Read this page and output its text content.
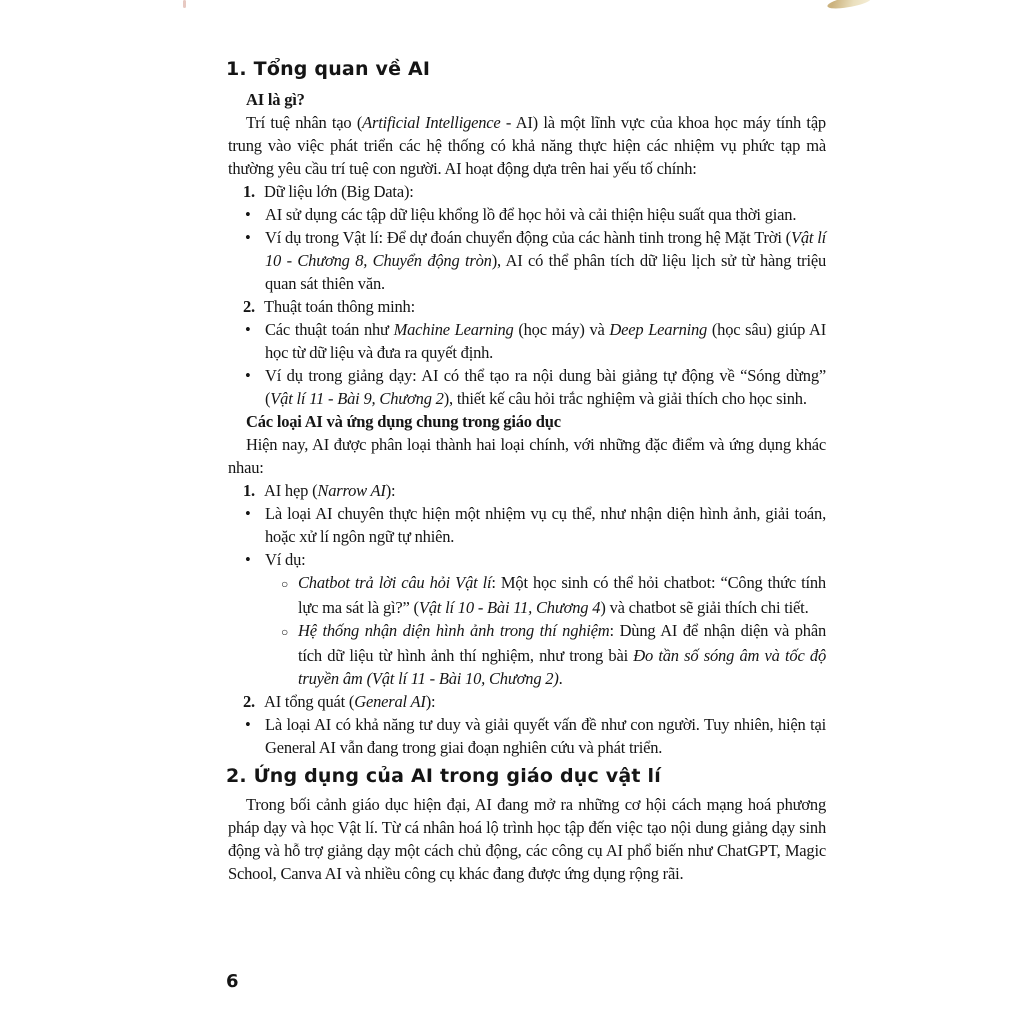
1. Tổng quan về AI

AI là gì?

Trí tuệ nhân tạo (Artificial Intelligence - AI) là một lĩnh vực của khoa học máy tính tập trung vào việc phát triển các hệ thống có khả năng thực hiện các nhiệm vụ phức tạp mà thường yêu cầu trí tuệ con người. AI hoạt động dựa trên hai yếu tố chính:

1. Dữ liệu lớn (Big Data):

• AI sử dụng các tập dữ liệu khổng lồ để học hỏi và cải thiện hiệu suất qua thời gian.

• Ví dụ trong Vật lí: Để dự đoán chuyển động của các hành tinh trong hệ Mặt Trời (Vật lí 10 - Chương 8, Chuyển động tròn), AI có thể phân tích dữ liệu lịch sử từ hàng triệu quan sát thiên văn.

2. Thuật toán thông minh:

• Các thuật toán như Machine Learning (học máy) và Deep Learning (học sâu) giúp AI học từ dữ liệu và đưa ra quyết định.

• Ví dụ trong giảng dạy: AI có thể tạo ra nội dung bài giảng tự động về “Sóng dừng” (Vật lí 11 - Bài 9, Chương 2), thiết kế câu hỏi trắc nghiệm và giải thích cho học sinh.

Các loại AI và ứng dụng chung trong giáo dục

Hiện nay, AI được phân loại thành hai loại chính, với những đặc điểm và ứng dụng khác nhau:

1. AI hẹp (Narrow AI):

• Là loại AI chuyên thực hiện một nhiệm vụ cụ thể, như nhận diện hình ảnh, giải toán, hoặc xử lí ngôn ngữ tự nhiên.

• Ví dụ:

○ Chatbot trả lời câu hỏi Vật lí: Một học sinh có thể hỏi chatbot: “Công thức tính lực ma sát là gì?” (Vật lí 10 - Bài 11, Chương 4) và chatbot sẽ giải thích chi tiết.

○ Hệ thống nhận diện hình ảnh trong thí nghiệm: Dùng AI để nhận diện và phân tích dữ liệu từ hình ảnh thí nghiệm, như trong bài Đo tần số sóng âm và tốc độ truyền âm (Vật lí 11 - Bài 10, Chương 2).

2. AI tổng quát (General AI):

• Là loại AI có khả năng tư duy và giải quyết vấn đề như con người. Tuy nhiên, hiện tại General AI vẫn đang trong giai đoạn nghiên cứu và phát triển.

2. Ứng dụng của AI trong giáo dục vật lí

Trong bối cảnh giáo dục hiện đại, AI đang mở ra những cơ hội cách mạng hoá phương pháp dạy và học Vật lí. Từ cá nhân hoá lộ trình học tập đến việc tạo nội dung giảng dạy sinh động và hỗ trợ giảng dạy một cách chủ động, các công cụ AI phổ biến như ChatGPT, Magic School, Canva AI và nhiều công cụ khác đang được ứng dụng rộng rãi.

6
